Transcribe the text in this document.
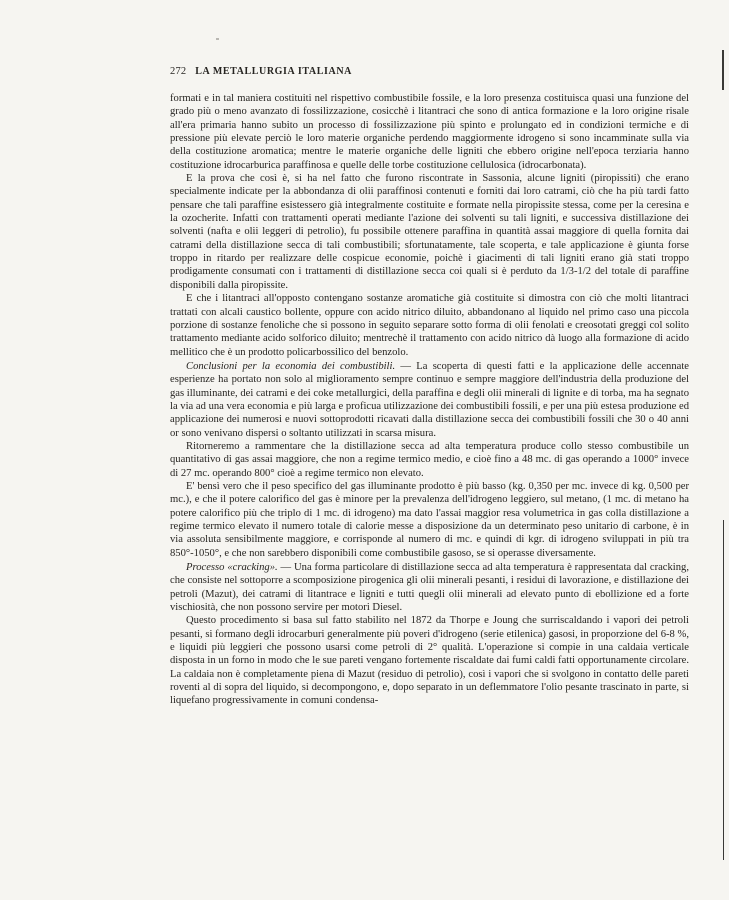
272 LA METALLURGIA ITALIANA

formati e in tal maniera costituiti nel rispettivo combustibile fossile, e la loro presenza costituisca quasi una funzione del grado più o meno avanzato di fossilizzazione, cosicchè i litantraci che sono di antica formazione e la loro origine risale all'era primaria hanno subito un processo di fossilizzazione più spinto e prolungato ed in condizioni termiche e di pressione più elevate perciò le loro materie organiche perdendo maggiormente idrogeno si sono incamminate sulla via della costituzione aromatica; mentre le materie organiche delle ligniti che ebbero origine nell'epoca terziaria hanno costituzione idrocarburica paraffinosa e quelle delle torbe costituzione cellulosica (idrocarbonata).

E la prova che così è, si ha nel fatto che furono riscontrate in Sassonia, alcune ligniti (piropissiti) che erano specialmente indicate per la abbondanza di olii paraffinosi contenuti e forniti dai loro catrami, ciò che ha più tardi fatto pensare che tali paraffine esistessero già integralmente costituite e formate nella piropissite stessa, come per la ceresina e la ozocherite. Infatti con trattamenti operati mediante l'azione dei solventi su tali ligniti, e successiva distillazione dei solventi (nafta e olii leggeri di petrolio), fu possibile ottenere paraffina in quantità assai maggiore di quella fornita dai catrami della distillazione secca di tali combustibili; sfortunatamente, tale scoperta, e tale applicazione è giunta forse troppo in ritardo per realizzare delle cospicue economie, poichè i giacimenti di tali ligniti erano già stati troppo prodigamente consumati con i trattamenti di distillazione secca coi quali si è perduto da 1/3-1/2 del totale di paraffine disponibili dalla piropissite.

E che i litantraci all'opposto contengano sostanze aromatiche già costituite si dimostra con ciò che molti litantraci trattati con alcali caustico bollente, oppure con acido nitrico diluito, abbandonano al liquido nel primo caso una piccola porzione di sostanze fenoliche che si possono in seguito separare sotto forma di olii fenolati e creosotati greggi col solito trattamento mediante acido solforico diluito; mentrechè il trattamento con acido nitrico dà luogo alla formazione di acido mellitico che è un prodotto policarbossilico del benzolo.

Conclusioni per la economia dei combustibili. — La scoperta di questi fatti e la applicazione delle accennate esperienze ha portato non solo al miglioramento sempre continuo e sempre maggiore dell'industria della produzione del gas illuminante, dei catrami e dei coke metallurgici, della paraffina e degli olii minerali di lignite e di torba, ma ha segnato la via ad una vera economia e più larga e proficua utilizzazione dei combustibili fossili, e per una più estesa produzione ed applicazione dei numerosi e nuovi sottoprodotti ricavati dalla distillazione secca dei combustibili fossili che 30 o 40 anni or sono venivano dispersi o soltanto utilizzati in scarsa misura.

Ritorneremo a rammentare che la distillazione secca ad alta temperatura produce collo stesso combustibile un quantitativo di gas assai maggiore, che non a regime termico medio, e cioè fino a 48 mc. di gas operando a 1000° invece di 27 mc. operando 800° cioè a regime termico non elevato.

E' bensì vero che il peso specifico del gas illuminante prodotto è più basso (kg. 0,350 per mc. invece di kg. 0,500 per mc.), e che il potere calorifico del gas è minore per la prevalenza dell'idrogeno leggiero, sul metano, (1 mc. di metano ha potere calorifico più che triplo di 1 mc. di idrogeno) ma dato l'assai maggior resa volumetrica in gas colla distillazione a regime termico elevato il numero totale di calorie messe a disposizione da un determinato peso unitario di carbone, è in via assoluta sensibilmente maggiore, e corrisponde al numero di mc. e quindi di kgr. di idrogeno sviluppati in più tra 850°-1050°, e che non sarebbero disponibili come combustibile gasoso, se si operasse diversamente.

Processo «cracking». — Una forma particolare di distillazione secca ad alta temperatura è rappresentata dal cracking, che consiste nel sottoporre a scomposizione pirogenica gli olii minerali pesanti, i residui di lavorazione, e distillazione dei petroli (Mazut), dei catrami di litantrace e ligniti e tutti quegli olii minerali ad elevato punto di ebollizione ed a forte vischiosità, che non possono servire per motori Diesel.

Questo procedimento si basa sul fatto stabilito nel 1872 da Thorpe e Joung che surriscaldando i vapori dei petroli pesanti, si formano degli idrocarburi generalmente più poveri d'idrogeno (serie etilenica) gasosi, in proporzione del 6-8 %, e liquidi più leggieri che possono usarsi come petroli di 2° qualità. L'operazione si compie in una caldaia verticale disposta in un forno in modo che le sue pareti vengano fortemente riscaldate dai fumi caldi fatti opportunamente circolare. La caldaia non è completamente piena di Mazut (residuo di petrolio), così i vapori che si svolgono in contatto delle pareti roventi al di sopra del liquido, si decompongono, e, dopo separato in un deflemmatore l'olio pesante trascinato in parte, si liquefano progressivamente in comuni condensa-
